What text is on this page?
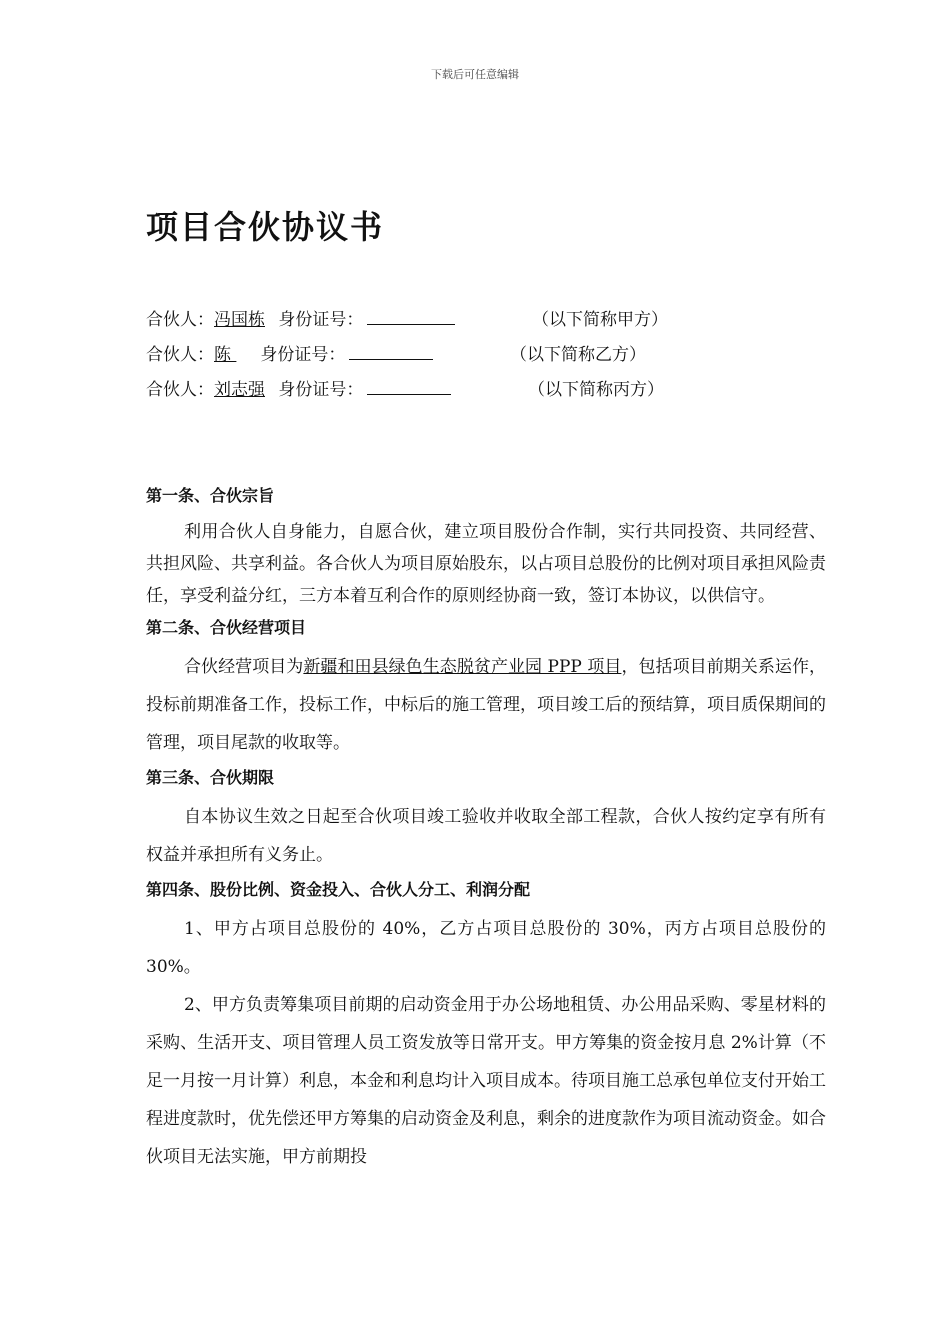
下载后可任意编辑
项目合伙协议书
合伙人：冯国栋 身份证号：	（以下简称甲方）
合伙人：陈 身份证号：	（以下简称乙方）
合伙人：刘志强 身份证号：	（以下简称丙方）
第一条、合伙宗旨

利用合伙人自身能力，自愿合伙，建立项目股份合作制，实行共同投资、共同经营、共担风险、共享利益。各合伙人为项目原始股东，以占项目总股份的比例对项目承担风险责任，享受利益分红，三方本着互利合作的原则经协商一致，签订本协议，以供信守。

第二条、合伙经营项目

合伙经营项目为新疆和田县绿色生态脱贫产业园 PPP 项目，包括项目前期关系运作，投标前期准备工作，投标工作，中标后的施工管理，项目竣工后的预结算，项目质保期间的管理，项目尾款的收取等。

第三条、合伙期限

自本协议生效之日起至合伙项目竣工验收并收取全部工程款，合伙人按约定享有所有权益并承担所有义务止。

第四条、股份比例、资金投入、合伙人分工、利润分配

1、甲方占项目总股份的 40%，乙方占项目总股份的 30%，丙方占项目总股份的 30%。

2、甲方负责筹集项目前期的启动资金用于办公场地租赁、办公用品采购、零星材料的采购、生活开支、项目管理人员工资发放等日常开支。甲方筹集的资金按月息 2%计算（不足一月按一月计算）利息，本金和利息均计入项目成本。待项目施工总承包单位支付开始工程进度款时，优先偿还甲方筹集的启动资金及利息，剩余的进度款作为项目流动资金。如合伙项目无法实施，甲方前期投
